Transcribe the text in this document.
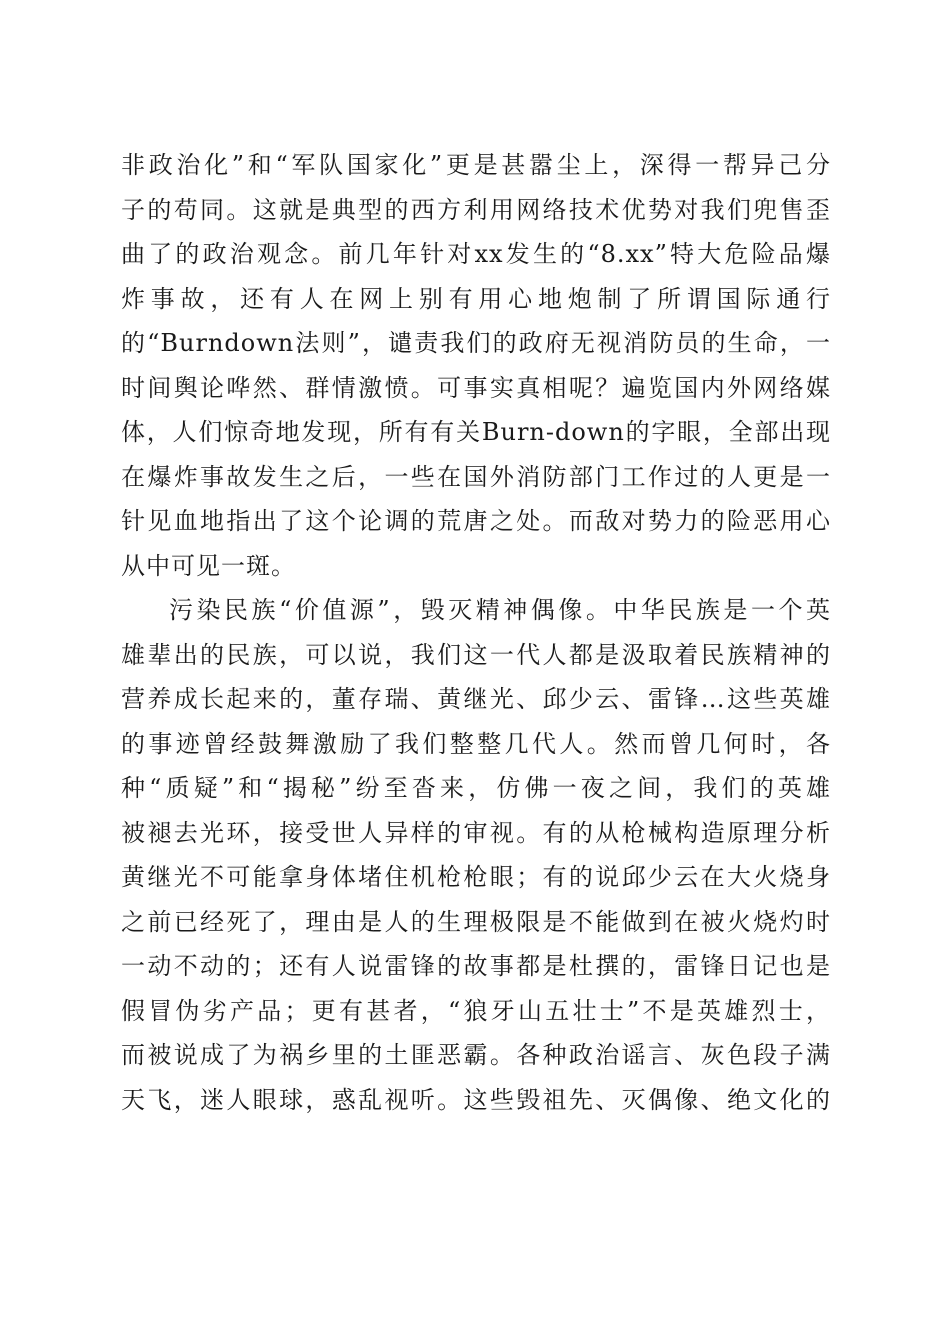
非政治化”和“军队国家化”更是甚嚣尘上，深得一帮异己分
子的苟同。这就是典型的西方利用网络技术优势对我们兜售歪
曲了的政治观念。前几年针对xx发生的“8.xx”特大危险品爆
炸事故，还有人在网上别有用心地炮制了所谓国际通行
的“Burndown法则”，谴责我们的政府无视消防员的生命，一
时间舆论哗然、群情激愤。可事实真相呢？遍览国内外网络媒
体，人们惊奇地发现，所有有关Burn-down的字眼，全部出现
在爆炸事故发生之后，一些在国外消防部门工作过的人更是一
针见血地指出了这个论调的荒唐之处。而敌对势力的险恶用心
从中可见一斑。
污染民族“价值源”，毁灭精神偶像。中华民族是一个英
雄辈出的民族，可以说，我们这一代人都是汲取着民族精神的
营养成长起来的，董存瑞、黄继光、邱少云、雷锋…这些英雄
的事迹曾经鼓舞激励了我们整整几代人。然而曾几何时，各
种“质疑”和“揭秘”纷至沓来，仿佛一夜之间，我们的英雄
被褪去光环，接受世人异样的审视。有的从枪械构造原理分析
黄继光不可能拿身体堵住机枪枪眼；有的说邱少云在大火烧身
之前已经死了，理由是人的生理极限是不能做到在被火烧灼时
一动不动的；还有人说雷锋的故事都是杜撰的，雷锋日记也是
假冒伪劣产品；更有甚者，“狼牙山五壮士”不是英雄烈士，
而被说成了为祸乡里的土匪恶霸。各种政治谣言、灰色段子满
天飞，迷人眼球，惑乱视听。这些毁祖先、灭偶像、绝文化的
